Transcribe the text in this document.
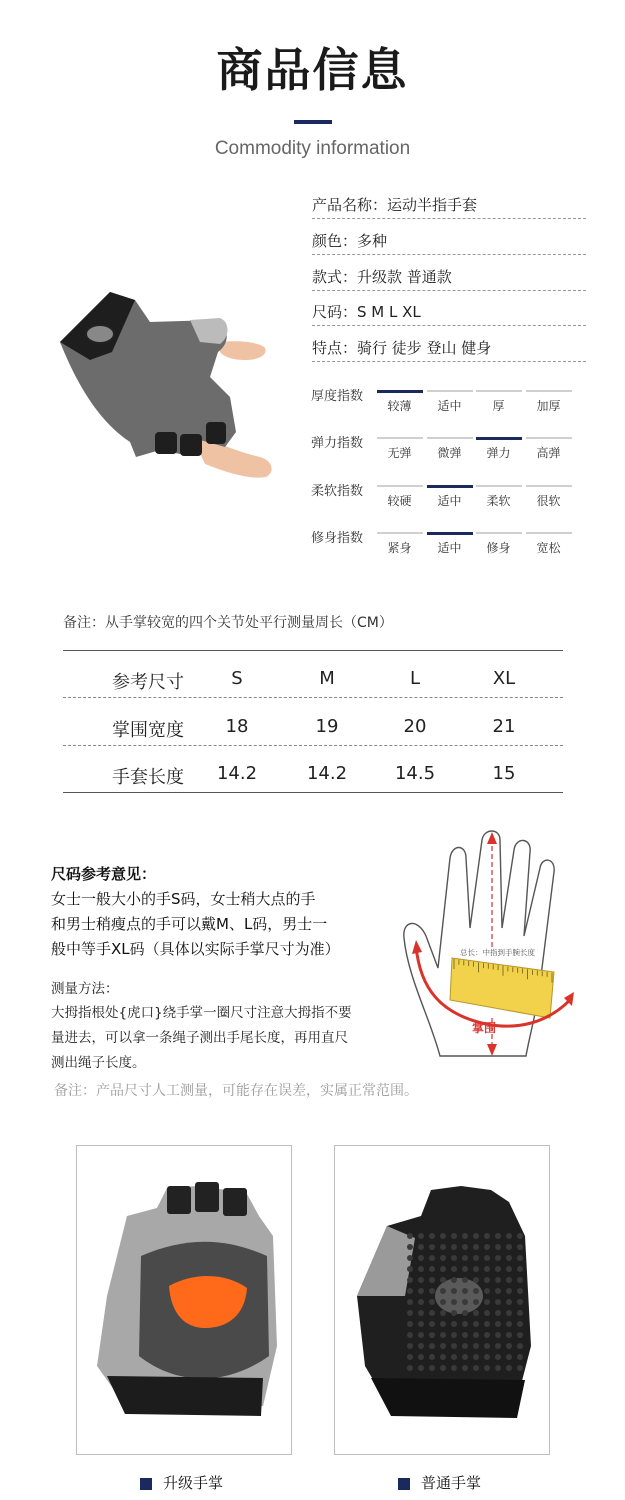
商品信息
Commodity information
产品名称：运动半指手套
颜色：多种
款式：升级款 普通款
尺码：S M L XL
特点：骑行 徒步 登山 健身
厚度指数
较薄	适中	厚	加厚
弹力指数
无弹	微弹	弹力	高弹
柔软指数
较硬	适中	柔软	很软
修身指数
紧身	适中	修身	宽松
备注：从手掌较宽的四个关节处平行测量周长（CM）
参考尺寸	S	M	L	XL
掌围宽度	18	19	20	21
手套长度	14.2	14.2	14.5	15
尺码参考意见：
女士一般大小的手S码，女士稍大点的手
和男士稍瘦点的手可以戴M、L码，男士一
般中等手XL码（具体以实际手掌尺寸为准）
测量方法：
大拇指根处{虎口}绕手掌一圈尺寸注意大拇指不要
量进去，可以拿一条绳子测出手尾长度，再用直尺
测出绳子长度。
总长：中指到手腕长度
掌围
备注：产品尺寸人工测量，可能存在误差，实属正常范围。
升级手掌	普通手掌
